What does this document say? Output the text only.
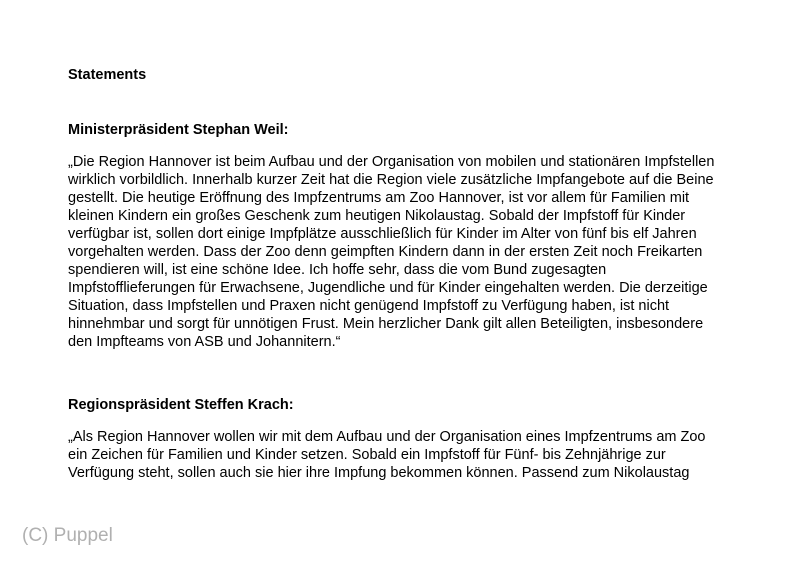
Statements

Ministerpräsident Stephan Weil:

„Die Region Hannover ist beim Aufbau und der Organisation von mobilen und stationären Impfstellen
wirklich vorbildlich. Innerhalb kurzer Zeit hat die Region viele zusätzliche Impfangebote auf die Beine
gestellt. Die heutige Eröffnung des Impfzentrums am Zoo Hannover, ist vor allem für Familien mit
kleinen Kindern ein großes Geschenk zum heutigen Nikolaustag. Sobald der Impfstoff für Kinder
verfügbar ist, sollen dort einige Impfplätze ausschließlich für Kinder im Alter von fünf bis elf Jahren
vorgehalten werden. Dass der Zoo denn geimpften Kindern dann in der ersten Zeit noch Freikarten
spendieren will, ist eine schöne Idee. Ich hoffe sehr, dass die vom Bund zugesagten
Impfstofflieferungen für Erwachsene, Jugendliche und für Kinder eingehalten werden. Die derzeitige
Situation, dass Impfstellen und Praxen nicht genügend Impfstoff zu Verfügung haben, ist nicht
hinnehmbar und sorgt für unnötigen Frust. Mein herzlicher Dank gilt allen Beteiligten, insbesondere
den Impfteams von ASB und Johannitern.“

Regionspräsident Steffen Krach:

„Als Region Hannover wollen wir mit dem Aufbau und der Organisation eines Impfzentrums am Zoo
ein Zeichen für Familien und Kinder setzen. Sobald ein Impfstoff für Fünf- bis Zehnjährige zur
Verfügung steht, sollen auch sie hier ihre Impfung bekommen können. Passend zum Nikolaustag

(C) Puppel
